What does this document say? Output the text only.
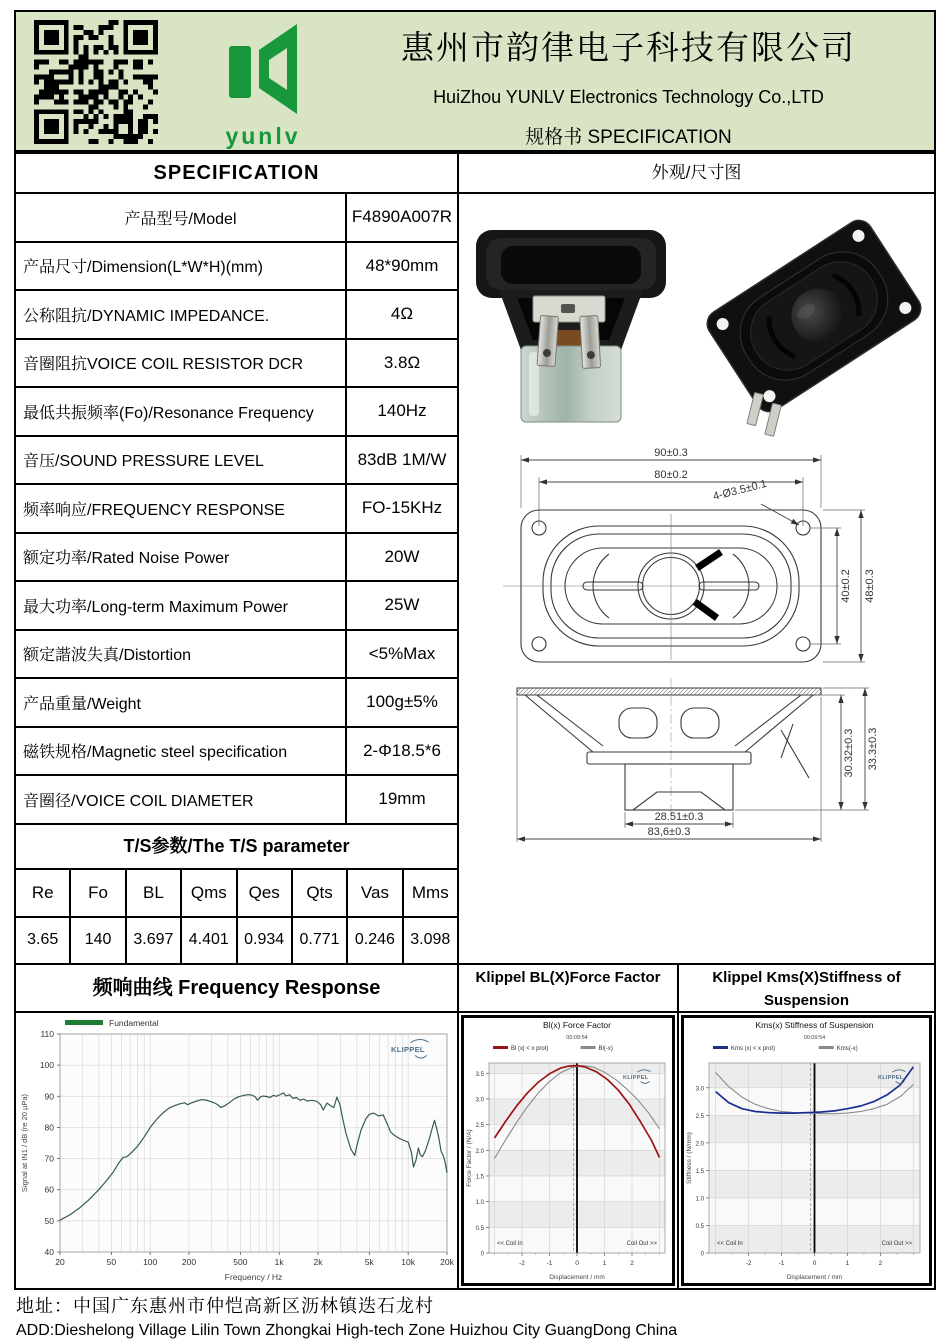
yunlv
惠州市韵律电子科技有限公司
HuiZhou YUNLV Electronics Technology Co.,LTD
规格书 SPECIFICATION
SPECIFICATION
产品型号/Model	F4890A007R
产品尺寸/Dimension(L*W*H)(mm)	48*90mm
公称阻抗/DYNAMIC IMPEDANCE.	4Ω
音圈阻抗VOICE COIL RESISTOR DCR	3.8Ω
最低共振频率(Fo)/Resonance Frequency	140Hz
音压/SOUND PRESSURE LEVEL	83dB 1M/W
频率响应/FREQUENCY RESPONSE	FO-15KHz
额定功率/Rated Noise Power	20W
最大功率/Long-term Maximum Power	25W
额定諧波失真/Distortion	<5%Max
产品重量/Weight	100g±5%
磁铁规格/Magnetic steel specification	2-Φ18.5*6
音圈径/VOICE COIL DIAMETER	19mm
T/S参数/The T/S parameter
Re	Fo	BL	Qms	Qes	Qts	Vas	Mms
3.65	140	3.697 4.401 0.934 0.771 0.246 3.098
频响曲线 Frequency Response
40
50
60
70
80
90
100
110
20	50	100	200	500	1k	2k	5k	10k	20k
Fundamental
KLIPPEL
Frequency / Hz
Signal at IN1 / dB (re 20 µPa)
外观/尺寸图
90±0.3
80±0.2
4-Ø3.5±0.1
40±0.2 48±0.3
28.51±0.3
83,6±0.3
30.32±0.3 33.3±0.3
Klippel BL(X)Force Factor
Bl(x) Force Factor
00:09:54
Bl (x| < x prot)	Bl(-x)
0
0.5
1.0
1.5
2.0
2.5
3.0
3.5
-2	-1	0	1	2
<< Coil In	Coil Out >>
Displacement / mm
Force Factor / (N/A)
KLIPPEL
Klippel Kms(X)Stiffness of Suspension
Kms(x) Stiffness of Suspension
00:09:54
Kms (x| < x prot)	Kms(-x)
0
0.5
1.0
1.5
2.0
2.5
3.0
-2	-1	0	1	2
<< Coil In	Coil Out >>
Displacement / mm
Stiffness / (N/mm)
KLIPPEL
地址：中国广东惠州市仲恺高新区沥林镇迭石龙村
ADD:Dieshelong Village Lilin Town Zhongkai High-tech Zone Huizhou City GuangDong China
